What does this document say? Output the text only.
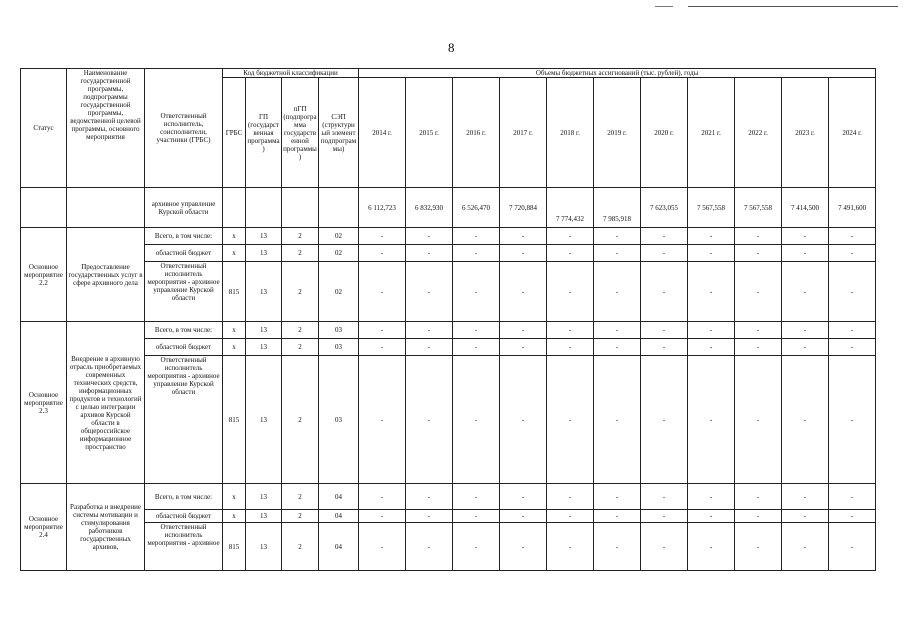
8
Статус	Наименование государственной программы, подпрограммы государственной программы, ведомственной целевой программы, основного мероприятия	Ответственный исполнитель, соисполнители, участники (ГРБС)	Код бюджетной классификации				Объемы бюджетных ассигнований (тыс. рублей), годы										
			ГРБС	ГП (государственная программа)	пГП (подпрограмма государственной программы)	СЭП (структурный элемент подпрограммы)	2014 г.	2015 г.	2016 г.	2017 г.	2018 г.	2019 г.	2020 г.	2021 г.	2022 г.	2023 г.	2024 г.
		архивное управление Курской области					6 112,723	6 832,930	6 526,470	7 720,884	7 774,432	7 985,918	7 623,055	7 567,558	7 567,558	7 414,500	7 491,600
Основное мероприятие 2.2	Предоставление государственных услуг в сфере архивного дела	Всего, в том числе:	х	13	2	02	-	-	-	-	-	-	-	-	-	-	-
		областной бюджет	х	13	2	02	-	-	-	-	-	-	-	-	-	-	-
		Ответственный исполнитель мероприятия - архивное управление Курской области	815	13	2	02	-	-	-	-	-	-	-	-	-	-	-
Основное мероприятие 2.3	Внедрение в архивную отрасль приобретаемых современных технических средств, информационных продуктов и технологий с целью интеграции архивов Курской области в общероссийское информационное пространство	Всего, в том числе:	х	13	2	03	-	-	-	-	-	-	-	-	-	-	-
		областной бюджет	х	13	2	03	-	-	-	-	-	-	-	-	-	-	-
		Ответственный исполнитель мероприятия - архивное управление Курской области	815	13	2	03	-	-	-	-	-	-	-	-	-	-	-
Основное мероприятие 2.4	Разработка и внедрение системы мотивации и стимулирования работников государственных архивов,	Всего, в том числе:	х	13	2	04	-	-	-	-	-	-	-	-	-	-	-
		областной бюджет	х	13	2	04	-	-	-	-	-	-	-	-	-	-	-
		Ответственный исполнитель мероприятия - архивное	815	13	2	04	-	-	-	-	-	-	-	-	-	-	-
